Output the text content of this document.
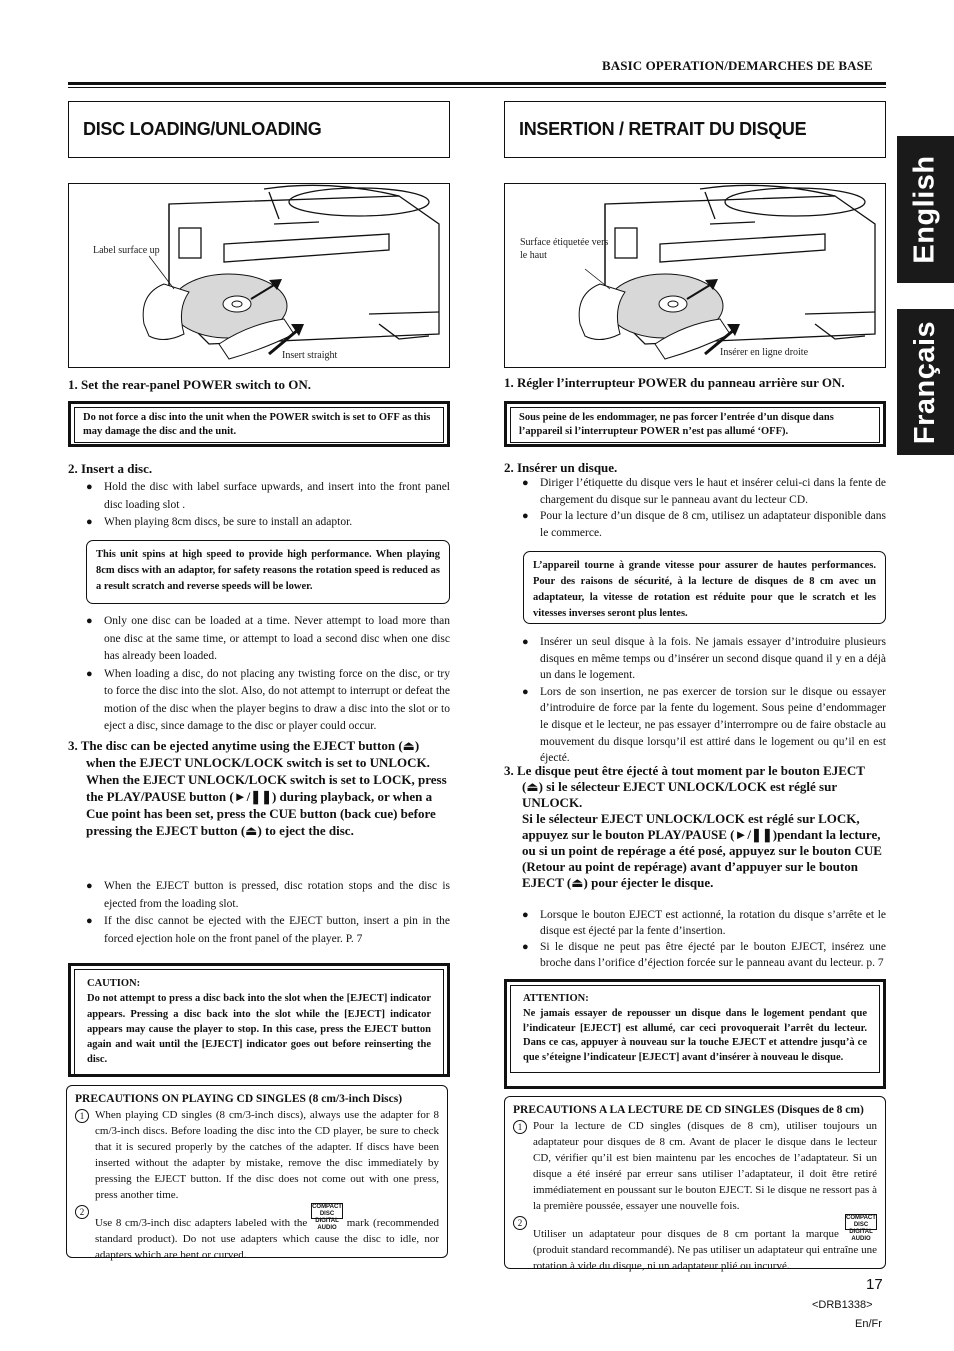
BASIC OPERATION/DEMARCHES DE BASE
English
Français
DISC LOADING/UNLOADING
Label surface up
Insert straight
1. Set the rear-panel POWER switch to ON.
Do not force a disc into the unit when the POWER switch is set to OFF as this may damage the disc and the unit.
2. Insert a disc.
● Hold the disc with label surface upwards, and insert into the front panel disc loading slot .
● When playing 8cm discs, be sure to install an adaptor.
This unit spins at high speed to provide high performance. When playing 8cm discs with an adaptor, for safety reasons the rotation speed is reduced as a result scratch and reverse speeds will be lower.
● Only one disc can be loaded at a time. Never attempt to load more than one disc at the same time, or attempt to load a second disc when one disc has already been loaded.
● When loading a disc, do not placing any twisting force on the disc, or try to force the disc into the slot. Also, do not attempt to interrupt or defeat the motion of the disc when the player begins to draw a disc into the slot or to eject a disc, since damage to the disc or player could occur.
3. The disc can be ejected anytime using the EJECT button (⏏) when the EJECT UNLOCK/LOCK switch is set to UNLOCK.
When the EJECT UNLOCK/LOCK switch is set to LOCK, press the PLAY/PAUSE button (►/❚❚) during playback, or when a Cue point has been set, press the CUE button (back cue) before pressing the EJECT button (⏏) to eject the disc.
● When the EJECT button is pressed, disc rotation stops and the disc is ejected from the loading slot.
● If the disc cannot be ejected with the EJECT button, insert a pin in the forced ejection hole on the front panel of the player. P. 7
CAUTION:
Do not attempt to press a disc back into the slot when the [EJECT] indicator appears. Pressing a disc back into the slot while the [EJECT] indicator appears may cause the player to stop. In this case, press the EJECT button again and wait until the [EJECT] indicator goes out before reinserting the disc.
PRECAUTIONS ON PLAYING CD SINGLES (8 cm/3-inch Discs)
1 When playing CD singles (8 cm/3-inch discs), always use the adapter for 8 cm/3-inch discs. Before loading the disc into the CD player, be sure to check that it is secured properly by the catches of the adapter. If discs have been inserted without the adapter by mistake, remove the disc immediately by pressing the EJECT button. If the disc does not come out with one press, press another time.
2
Use 8 cm/3-inch disc adapters labeled with the COMPACT DISC DIGITAL AUDIO mark (recommended standard product). Do not use adapters which cause the disc to idle, nor adapters which are bent or curved.
INSERTION / RETRAIT DU DISQUE
Surface étiquetée vers le haut
Insérer en ligne droite
1. Régler l’interrupteur POWER du panneau arrière sur ON.
Sous peine de les endommager, ne pas forcer l’entrée d’un disque dans l’appareil si l’interrupteur POWER n’est pas allumé ‘OFF).
2. Insérer un disque.
● Diriger l’étiquette du disque vers le haut et insérer celui-ci dans la fente de chargement du disque sur le panneau avant du lecteur CD.
● Pour la lecture d’un disque de 8 cm, utilisez un adaptateur disponible dans le commerce.
L’appareil tourne à grande vitesse pour assurer de hautes performances. Pour des raisons de sécurité, à la lecture de disques de 8 cm avec un adaptateur, la vitesse de rotation est réduite pour que le scratch et les vitesses inverses seront plus lentes.
● Insérer un seul disque à la fois. Ne jamais essayer d’introduire plusieurs disques en même temps ou d’insérer un second disque quand il y en a déjà un dans le logement.
● Lors de son insertion, ne pas exercer de torsion sur le disque ou essayer d’introduire de force par la fente du logement. Sous peine d’endommager le disque et le lecteur, ne pas essayer d’interrompre ou de faire obstacle au mouvement du disque lorsqu’il est attiré dans le logement ou qu’il en est éjecté.
3. Le disque peut être éjecté à tout moment par le bouton EJECT (⏏) si le sélecteur EJECT UNLOCK/LOCK est réglé sur UNLOCK.
Si le sélecteur EJECT UNLOCK/LOCK est réglé sur LOCK, appuyez sur le bouton PLAY/PAUSE (►/❚❚)pendant la lecture, ou si un point de repérage a été posé, appuyez sur le bouton CUE (Retour au point de repérage) avant d’appuyer sur le bouton EJECT (⏏) pour éjecter le disque.
● Lorsque le bouton EJECT est actionné, la rotation du disque s’arrête et le disque est éjecté par la fente d’insertion.
● Si le disque ne peut pas être éjecté par le bouton EJECT, insérez une broche dans l’orifice d’éjection forcée sur le panneau avant du lecteur. p. 7
ATTENTION:
Ne jamais essayer de repousser un disque dans le logement pendant que l’indicateur [EJECT] est allumé, car ceci provoquerait l’arrêt du lecteur. Dans ce cas, appuyer à nouveau sur la touche EJECT et attendre jusqu’à ce que s’éteigne l’indicateur [EJECT] avant d’insérer à nouveau le disque.
PRECAUTIONS A LA LECTURE DE CD SINGLES (Disques de 8 cm)
1 Pour la lecture de CD singles (disques de 8 cm), utiliser toujours un adaptateur pour disques de 8 cm. Avant de placer le disque dans le lecteur CD, vérifier qu’il est bien maintenu par les encoches de l’adaptateur. Si un disque a été inséré par erreur sans utiliser l’adaptateur, il doit être retiré immédiatement en poussant sur le bouton EJECT. Si le disque ne ressort pas à la première poussée, essayer une nouvelle fois.
2
Utiliser un adaptateur pour disques de 8 cm portant la marque COMPACT DISC DIGITAL AUDIO (produit standard recommandé). Ne pas utiliser un adaptateur qui entraîne une rotation à vide du disque, ni un adaptateur plié ou incurvé.
17
<DRB1338>
En/Fr
